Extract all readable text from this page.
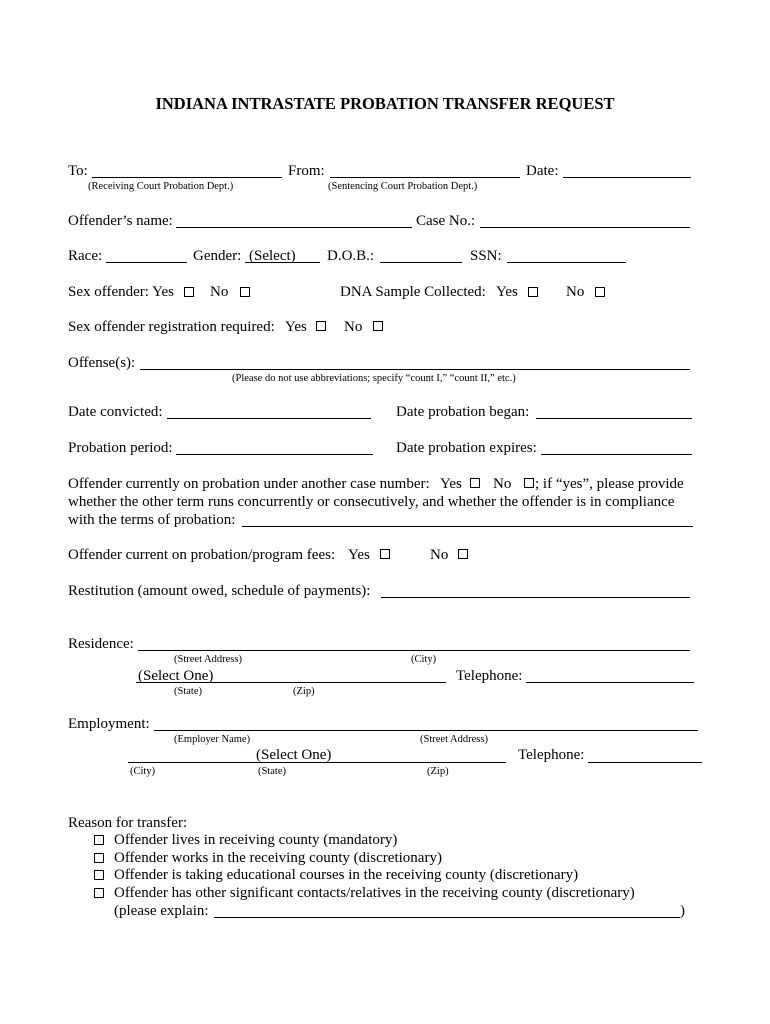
INDIANA INTRASTATE PROBATION TRANSFER REQUEST
To:	From:	Date:
(Receiving Court Probation Dept.)	(Sentencing Court Probation Dept.)
Offender’s name:	Case No.:
Race:	Gender: (Select) D.O.B.:	SSN:
Sex offender: Yes No	DNA Sample Collected: Yes	No
Sex offender registration required: Yes No
Offense(s):
(Please do not use abbreviations; specify “count I,” “count II,” etc.)
Date convicted:	Date probation began:
Probation period:	Date probation expires:
Offender currently on probation under another case number: Yes No ; if “yes”, please provide
whether the other term runs concurrently or consecutively, and whether the offender is in compliance
with the terms of probation:
Offender current on probation/program fees: Yes	No
Restitution (amount owed, schedule of payments):
Residence:
(Street Address)	(City)
(Select One)	Telephone:
(State)	(Zip)
Employment:
(Employer Name)	(Street Address)
(Select One)	Telephone:
(City)	(State)	(Zip)
Reason for transfer:
Offender lives in receiving county (mandatory)
Offender works in the receiving county (discretionary)
Offender is taking educational courses in the receiving county (discretionary)
Offender has other significant contacts/relatives in the receiving county (discretionary)
(please explain:	)
